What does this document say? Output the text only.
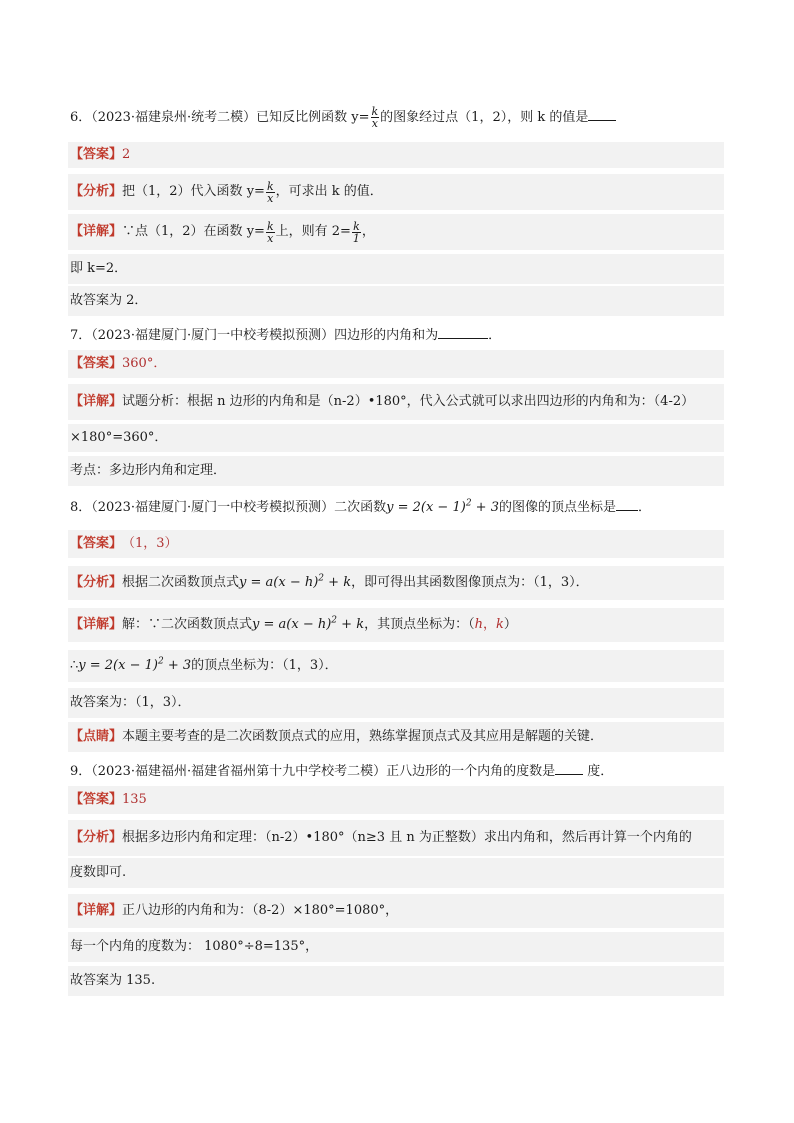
6．（2023·福建泉州·统考二模）已知反比例函数 $y= \frac{k}{x}$ 的图象经过点（1，2），则 k 的值是
【答案】 2
【分析】 把（1，2）代入函数 $y= \frac{k}{x}$ ，可求出 k 的值．
【详解】 ∵点（1，2）在函数 $y= \frac{k}{x}$ 上，则有 $2= \frac{k}{1}$ ，
即 k=2．
故答案为 2．
7．（2023·福建厦门·厦门一中校考模拟预测）四边形的内角和为	．
【答案】 360°．
【详解】 试题分析：根据 n 边形的内角和是（n-2）•180°，代入公式就可以求出四边形的内角和为：（4-2）
×180°=360°．
考点：多边形内角和定理．
8．（2023·福建厦门·厦门一中校考模拟预测）二次函数$y = 2(x - 1)^2 + 3$的图像的顶点坐标是 ．
【答案】 （1，3）
【分析】 根据二次函数顶点式 $y = a(x - h)^2 + k$ ，即可得出其函数图像顶点为：（1，3）．
【详解】 解：∵二次函数顶点式 $y = a(x - h)^2 + k$ ，其顶点坐标为：（ h ， k ）
∴ $y = 2(x - 1)^2 + 3$ 的顶点坐标为：（1，3）．
故答案为：（1，3）．
【点睛】 本题主要考查的是二次函数顶点式的应用，熟练掌握顶点式及其应用是解题的关键．
9．（2023·福建福州·福建省福州第十九中学校考二模）正八边形的一个内角的度数是 度．
【答案】 135
【分析】 根据多边形内角和定理：（n-2）•180°（n≥3 且 n 为正整数）求出内角和，然后再计算一个内角的
度数即可.
【详解】 正八边形的内角和为：（8-2）×180°=1080°，
每一个内角的度数为： 1080°÷8=135°，
故答案为 135.
